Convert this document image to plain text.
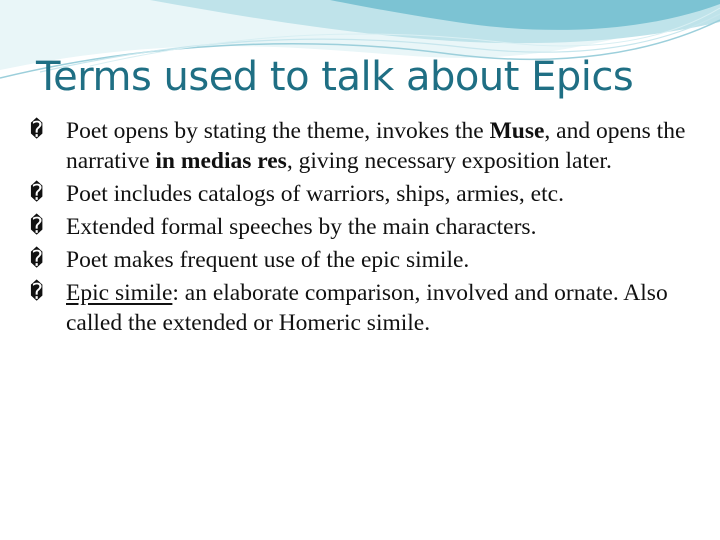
Terms used to talk about Epics

� Poet opens by stating the theme, invokes the Muse, and opens the narrative in medias res, giving necessary exposition later.

� Poet includes catalogs of warriors, ships, armies, etc.

� Extended formal speeches by the main characters.

� Poet makes frequent use of the epic simile.

� Epic simile: an elaborate comparison, involved and ornate. Also called the extended or Homeric simile.
